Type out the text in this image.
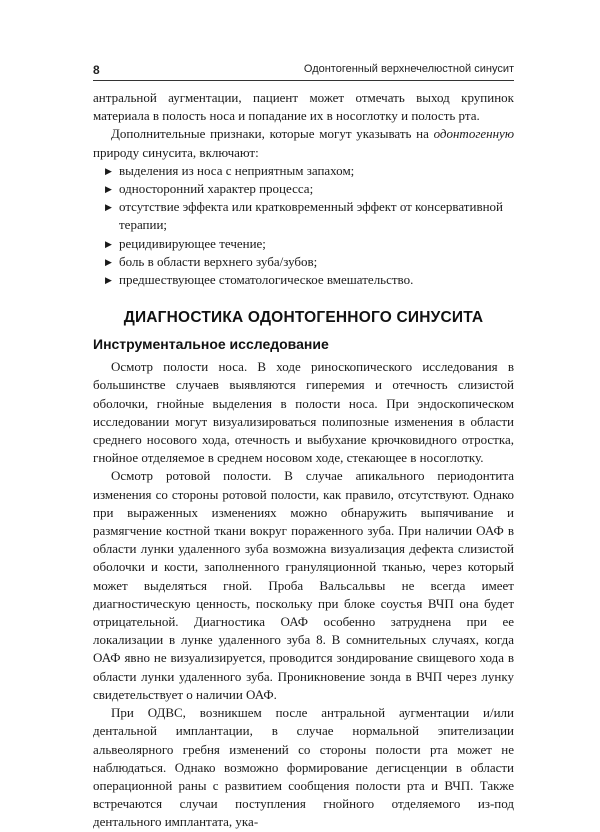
8	Одонтогенный верхнечелюстной синусит

антральной аугментации, пациент может отмечать выход крупинок материала в полость носа и попадание их в носоглотку и полость рта.

Дополнительные признаки, которые могут указывать на одонтогенную природу синусита, включают:

▶ выделения из носа с неприятным запахом;
▶ односторонний характер процесса;
▶ отсутствие эффекта или кратковременный эффект от консервативной терапии;
▶ рецидивирующее течение;
▶ боль в области верхнего зуба/зубов;
▶ предшествующее стоматологическое вмешательство.
ДИАГНОСТИКА ОДОНТОГЕННОГО СИНУСИТА
Инструментальное исследование

Осмотр полости носа. В ходе риноскопического исследования в большинстве случаев выявляются гиперемия и отечность слизистой оболочки, гнойные выделения в полости носа. При эндоскопическом исследовании могут визуализироваться полипозные изменения в области среднего носового хода, отечность и выбухание крючковидного отростка, гнойное отделяемое в среднем носовом ходе, стекающее в носоглотку.

Осмотр ротовой полости. В случае апикального периодонтита изменения со стороны ротовой полости, как правило, отсутствуют. Однако при выраженных изменениях можно обнаружить выпячивание и размягчение костной ткани вокруг пораженного зуба. При наличии ОАФ в области лунки удаленного зуба возможна визуализация дефекта слизистой оболочки и кости, заполненного грануляционной тканью, через который может выделяться гной. Проба Вальсальвы не всегда имеет диагностическую ценность, поскольку при блоке соустья ВЧП она будет отрицательной. Диагностика ОАФ особенно затруднена при ее локализации в лунке удаленного зуба 8. В сомнительных случаях, когда ОАФ явно не визуализируется, проводится зондирование свищевого хода в области лунки удаленного зуба. Проникновение зонда в ВЧП через лунку свидетельствует о наличии ОАФ.

При ОДВС, возникшем после антральной аугментации и/или дентальной имплантации, в случае нормальной эпителизации альвеолярного гребня изменений со стороны полости рта может не наблюдаться. Однако возможно формирование дегисценции в области операционной раны с развитием сообщения полости рта и ВЧП. Также встречаются случаи поступления гнойного отделяемого из-под дентального имплантата, ука-
